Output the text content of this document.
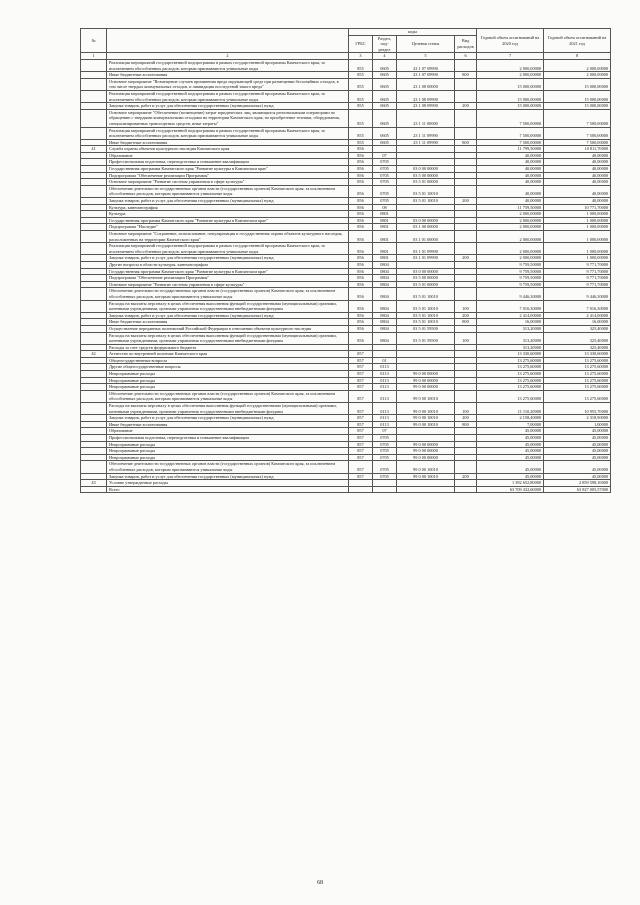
№		коды				Годовой объем ассигнований на 2020 год	Годовой объем ассигнований на 2021 год
		ГРБС	Раздел, под-раздел	Целевая статья	Вид расходов		
1	2	3	4	5	6	7	8
	Реализация мероприятий государственной подпрограммы в рамках государственной программы Камчатского края, за исключением обособленных расходов, которым присваиваются уникальные коды	855	0605	23 1 07 09990		2 000,00000	2 000,00000
	Иные бюджетные ассигнования	855	0605	23 1 07 09990	800	2 000,00000	2 000,00000
	Основное мероприятие "Возмещение случаев причинения вреда окружающей среде при размещении бесхозяйных отходов, в том числе твердых коммунальных отходов, и ликвидация последствий такого вреда"	855	0605	23 1 08 00000		15 000,00000	15 000,00000
	Реализация мероприятий государственной подпрограммы в рамках государственной программы Камчатского края, за исключением обособленных расходов, которым присваиваются уникальные коды	855	0605	23 1 08 09990		15 000,00000	15 000,00000
	Закупка товаров, работ и услуг для обеспечения государственных (муниципальных) нужд	855	0605	23 1 08 09990	200	15 000,00000	15 000,00000
	Основное мероприятие "Обеспечение (возмещение) затрат юридических лиц, являющихся региональными операторами по обращению с твердыми коммунальными отходами на территории Камчатского края, на приобретение техники, оборудования, специализированных транспортных средств, иные затраты"	855	0605	23 1 11 00000		7 500,00000	7 500,00000
	Реализация мероприятий государственной подпрограммы в рамках государственной программы Камчатского края, за исключением обособленных расходов, которым присваиваются уникальные коды	855	0605	23 1 11 09990		7 500,00000	7 500,00000
	Иные бюджетные ассигнования	855	0605	23 1 11 09990	800	7 500,00000	7 500,00000
41	Служба охраны объектов культурного наследия Камчатского края	856				11 799,50000	10 811,70000
	Образование	856	07			40,00000	40,00000
	Профессиональная подготовка, переподготовка и повышение квалификации	856	0705			40,00000	40,00000
	Государственная программа Камчатского края "Развитие культуры в Камчатском крае"	856	0705	03 0 00 00000		40,00000	40,00000
	Подпрограмма "Обеспечение реализации Программы"	856	0705	03 5 00 00000		40,00000	40,00000
	Основное мероприятие "Развитие системы управления в сфере культуры"	856	0705	03 5 01 00000		40,00000	40,00000
	Обеспечение деятельности государственных органов власти (государственных органов) Камчатского края, за исключением обособленных расходов, которым присваиваются уникальные коды	856	0705	03 5 01 10010		40,00000	40,00000
	Закупка товаров, работ и услуг для обеспечения государственных (муниципальных) нужд	856	0705	03 5 01 10010	200	40,00000	40,00000
	Культура, кинематография	856	08			11 759,50000	10 771,70000
	Культура	856	0801			2 000,00000	1 000,00000
	Государственная программа Камчатского края "Развитие культуры в Камчатском крае"	856	0801	03 0 00 00000		2 000,00000	1 000,00000
	Подпрограмма "Наследие"	856	0801	03 1 00 00000		2 000,00000	1 000,00000
	Основное мероприятие "Сохранение, использование, популяризация и государственная охрана объектов культурного наследия, расположенных на территории Камчатского края"	856	0801	03 1 01 00000		2 000,00000	1 000,00000
	Реализация мероприятий государственной подпрограммы в рамках государственной программы Камчатского края, за исключением обособленных расходов, которым присваиваются уникальные коды	856	0801	03 1 01 09990		2 000,00000	1 000,00000
	Закупка товаров, работ и услуг для обеспечения государственных (муниципальных) нужд	856	0801	03 1 01 09990	200	2 000,00000	1 000,00000
	Другие вопросы в области культуры, кинематографии	856	0804			9 759,50000	9 771,70000
	Государственная программа Камчатского края "Развитие культуры в Камчатском крае"	856	0804	03 0 00 00000		9 759,50000	9 771,70000
	Подпрограмма "Обеспечение реализации Программы"	856	0804	03 5 00 00000		9 759,50000	9 771,70000
	Основное мероприятие "Развитие системы управления в сфере культуры"	856	0804	03 5 01 00000		9 759,50000	9 771,70000
	Обеспечение деятельности государственных органов власти (государственных органов) Камчатского края, за исключением обособленных расходов, которым присваиваются уникальные коды	856	0804	03 5 01 10010		9 446,30000	9 446,30000
	Расходы на выплаты персоналу в целях обеспечения выполнения функций государственными (муниципальными) органами, казенными учреждениями, органами управления государственными внебюджетными фондами	856	0804	03 5 01 10010	100	7 016,30000	7 016,30000
	Закупка товаров, работ и услуг для обеспечения государственных (муниципальных) нужд	856	0804	03 5 01 10010	200	2 414,00000	2 414,00000
	Иные бюджетные ассигнования	856	0804	03 5 01 10010	800	16,00000	16,00000
	Осуществление переданных полномочий Российской Федерации в отношении объектов культурного наследия	856	0804	03 5 01 59500		313,20000	325,40000
	Расходы на выплаты персоналу в целях обеспечения выполнения функций государственными (муниципальными) органами, казенными учреждениями, органами управления государственными внебюджетными фондами	856	0804	03 5 01 59500	100	313,20000	325,40000
	Расходы за счет средств федерального бюджета					313,20000	325,40000
42	Агентство по внутренней политике Камчатского края	857				13 330,60000	13 330,60000
	Общегосударственные вопросы	857	01			13 275,60000	13 275,60000
	Другие общегосударственные вопросы	857	0113			13 275,60000	13 275,60000
	Непрограммные расходы	857	0113	99 0 00 00000		13 275,60000	13 275,60000
	Непрограммные расходы	857	0113	99 0 00 00000		13 275,60000	13 275,60000
	Непрограммные расходы	857	0113	99 0 00 00000		13 275,60000	13 275,60000
	Обеспечение деятельности государственных органов власти (государственных органов) Камчатского края, за исключением обособленных расходов, которым присваиваются уникальные коды	857	0113	99 0 00 10010		13 275,60000	13 275,60000
	Расходы на выплаты персоналу в целях обеспечения выполнения функций государственными (муниципальными) органами, казенными учреждениями, органами управления государственными внебюджетными фондами	857	0113	99 0 00 10010	100	11 110,20000	10 955,70000
	Закупка товаров, работ и услуг для обеспечения государственных (муниципальных) нужд	857	0113	99 0 00 10010	200	2 158,40000	2 318,90000
	Иные бюджетные ассигнования	857	0113	99 0 00 10010	800	7,00000	1,00000
	Образование	857	07			45,00000	45,00000
	Профессиональная подготовка, переподготовка и повышение квалификации	857	0705			45,00000	45,00000
	Непрограммные расходы	857	0705	99 0 00 00000		45,00000	45,00000
	Непрограммные расходы	857	0705	99 0 00 00000		45,00000	45,00000
	Непрограммные расходы	857	0705	99 0 00 00000		45,00000	45,00000
	Обеспечение деятельности государственных органов власти (государственных органов) Камчатского края, за исключением обособленных расходов, которым присваиваются уникальные коды	857	0705	99 0 00 10010		45,00000	45,00000
	Закупка товаров, работ и услуг для обеспечения государственных (муниципальных) нужд	857	0705	99 0 00 10010	200	45,00000	45,00000
43	Условно утвержденные расходы					1 392 652,80000	2 859 598,10000
	Всего					63 709 432,60000	63 827 005,57000
68
